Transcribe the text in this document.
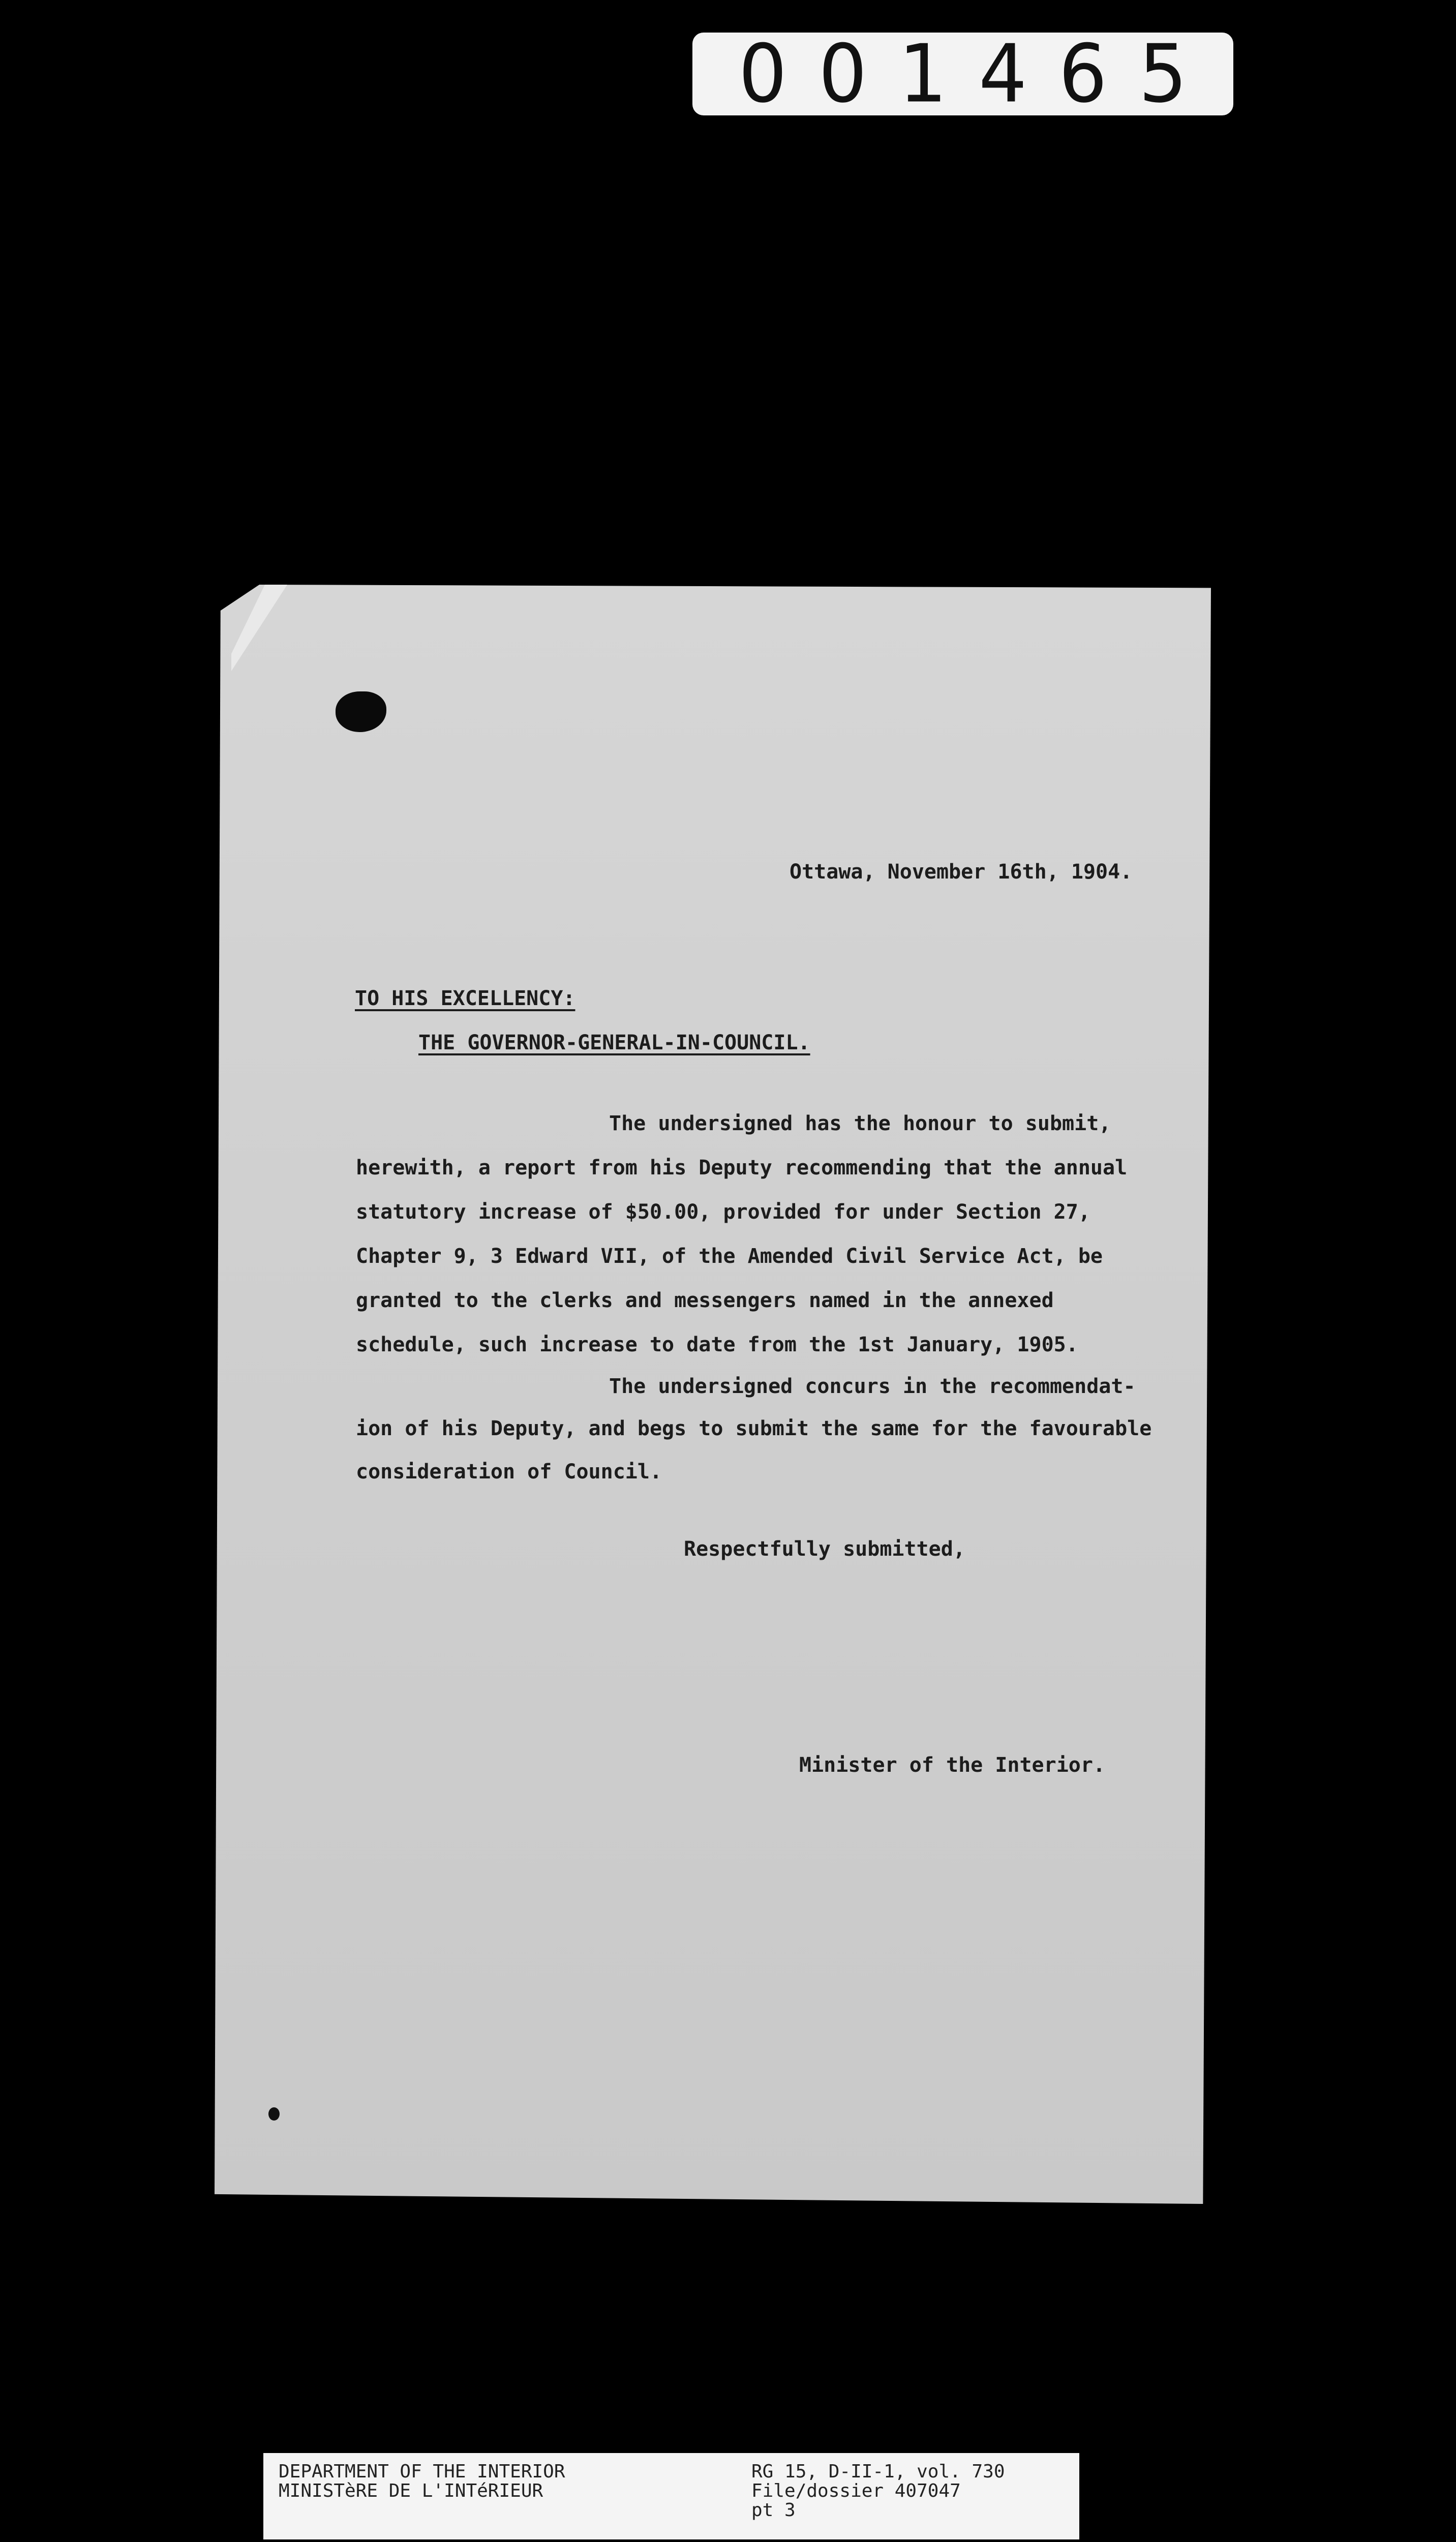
001465
Ottawa, November 16th, 1904.
TO HIS EXCELLENCY:
THE GOVERNOR-GENERAL-IN-COUNCIL.
The undersigned has the honour to submit,
herewith, a report from his Deputy recommending that the annual
statutory increase of $50.00, provided for under Section 27,
Chapter 9, 3 Edward VII, of the Amended Civil Service Act, be
granted to the clerks and messengers named in the annexed
schedule, such increase to date from the 1st January, 1905.
The undersigned concurs in the recommendat-
ion of his Deputy, and begs to submit the same for the favourable
consideration of Council.
Respectfully submitted,
Minister of the Interior.
DEPARTMENT OF THE INTERIOR
MINISTèRE DE L'INTéRIEUR
RG 15, D-II-1, vol. 730
File/dossier 407047
pt 3
